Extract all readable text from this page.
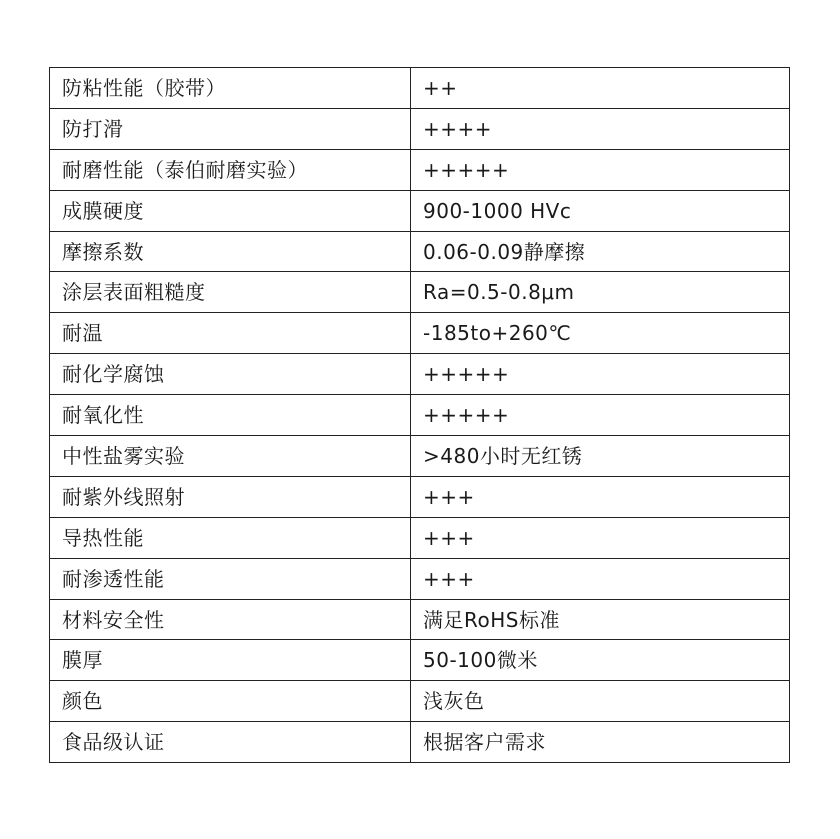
防粘性能（胶带）	++
防打滑	++++
耐磨性能（泰伯耐磨实验）	+++++
成膜硬度	900-1000 HVc
摩擦系数	0.06-0.09静摩擦
涂层表面粗糙度	Ra=0.5-0.8μm
耐温	-185to+260℃
耐化学腐蚀	+++++
耐氧化性	+++++
中性盐雾实验	>480小时无红锈
耐紫外线照射	+++
导热性能	+++
耐渗透性能	+++
材料安全性	满足RoHS标准
膜厚	50-100微米
颜色	浅灰色
食品级认证	根据客户需求
